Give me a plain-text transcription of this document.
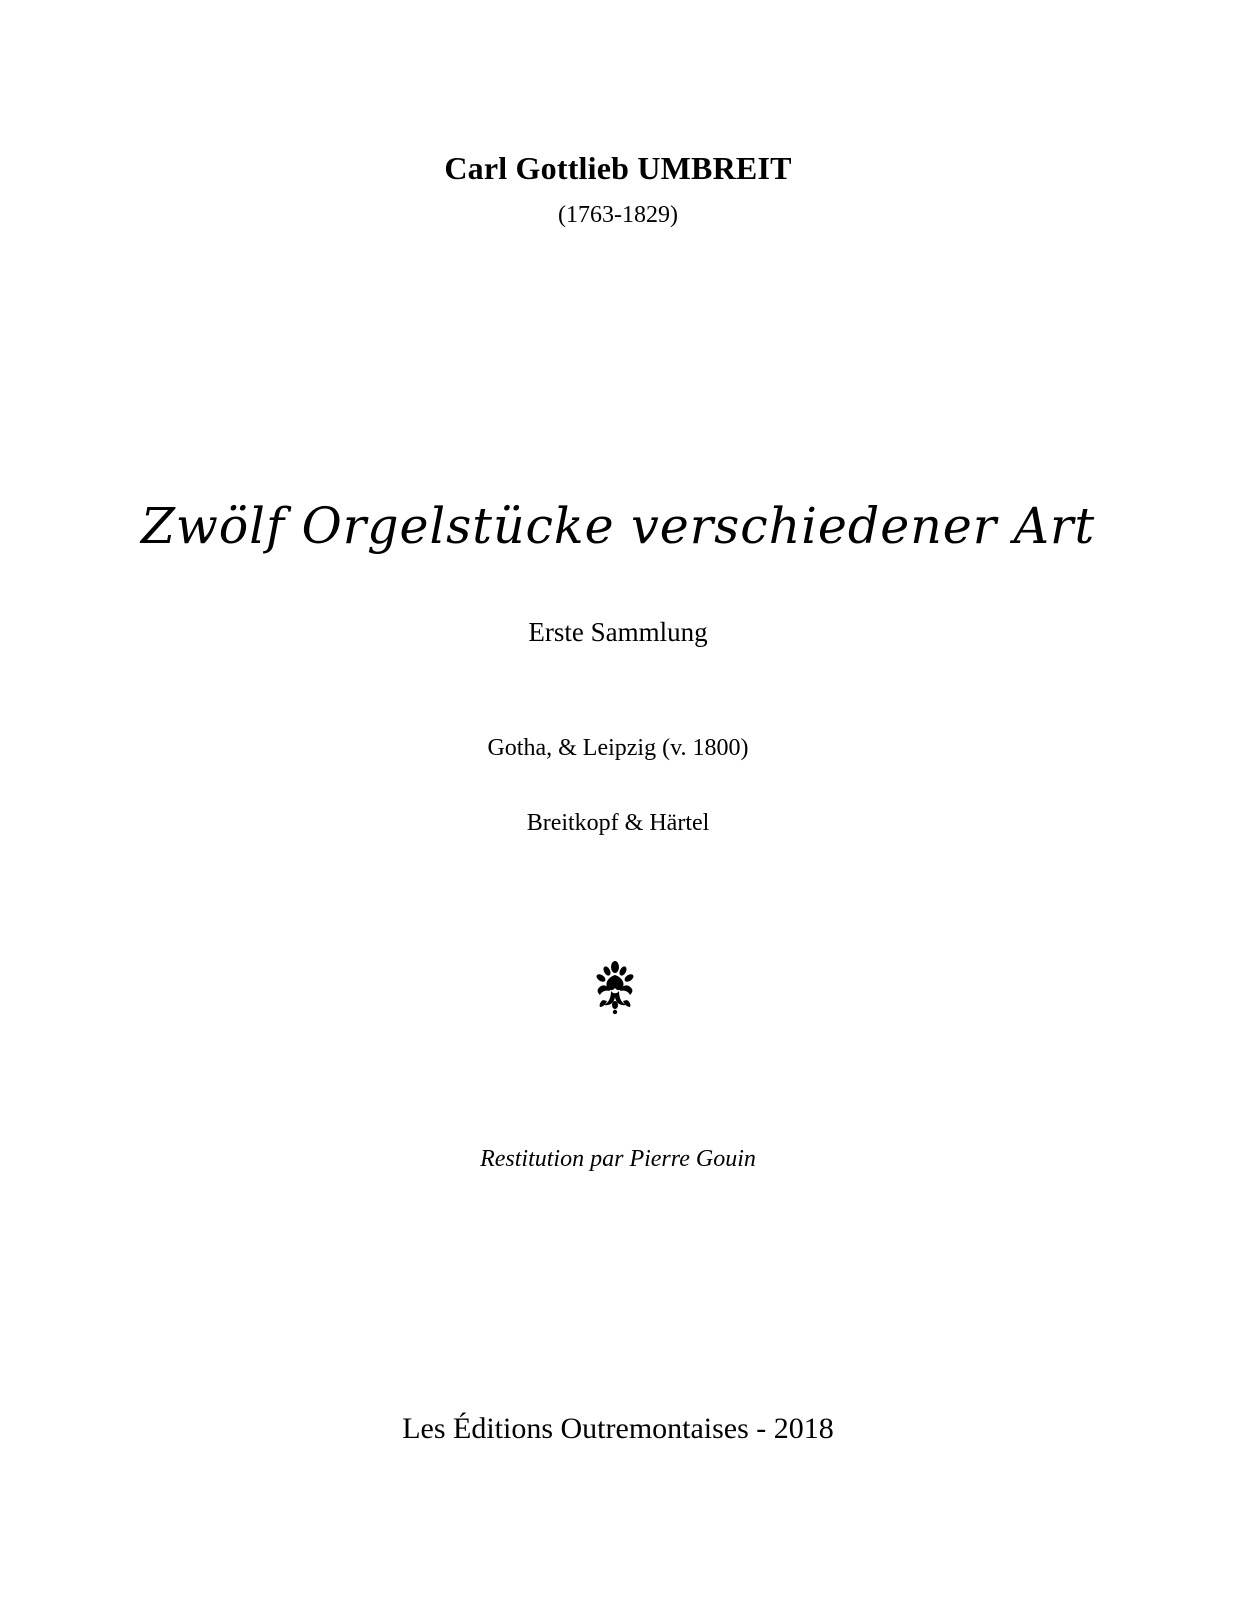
Carl Gottlieb UMBREIT
(1763-1829)
Zwölf Orgelstücke verschiedener Art
Erste Sammlung
Gotha, & Leipzig (v. 1800)
Breitkopf & Härtel
Restitution par Pierre Gouin
Les Éditions Outremontaises - 2018
